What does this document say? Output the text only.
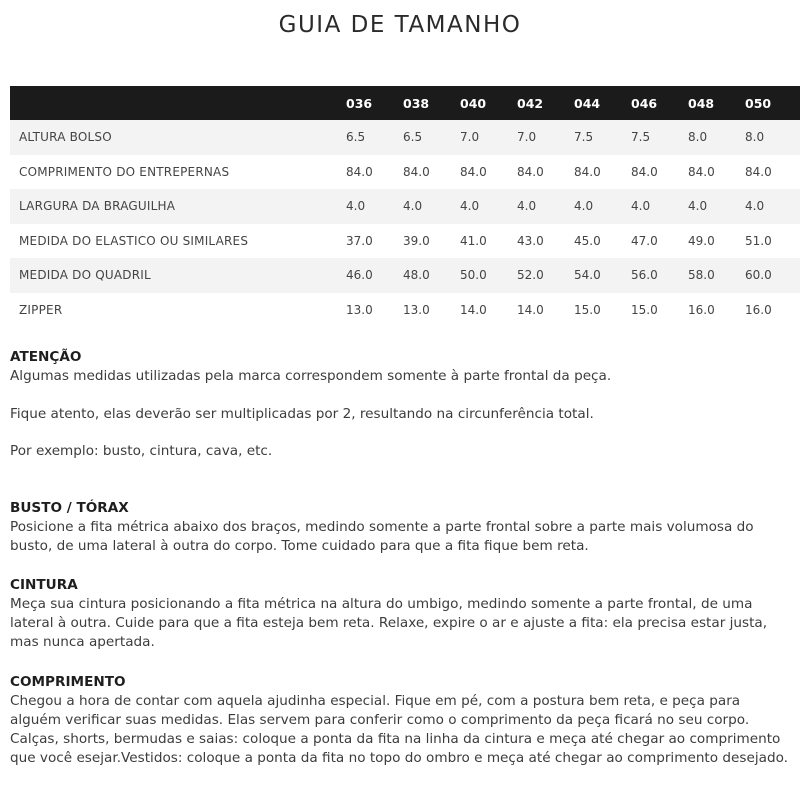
GUIA DE TAMANHO
	036	038	040	042	044	046	048	050
ALTURA BOLSO	6.5	6.5	7.0	7.0	7.5	7.5	8.0	8.0
COMPRIMENTO DO ENTREPERNAS	84.0	84.0	84.0	84.0	84.0	84.0	84.0	84.0
LARGURA DA BRAGUILHA	4.0	4.0	4.0	4.0	4.0	4.0	4.0	4.0
MEDIDA DO ELASTICO OU SIMILARES	37.0	39.0	41.0	43.0	45.0	47.0	49.0	51.0
MEDIDA DO QUADRIL	46.0	48.0	50.0	52.0	54.0	56.0	58.0	60.0
ZIPPER	13.0	13.0	14.0	14.0	15.0	15.0	16.0	16.0
ATENÇÃO

Algumas medidas utilizadas pela marca correspondem somente à parte frontal da peça.

Fique atento, elas deverão ser multiplicadas por 2, resultando na circunferência total.

Por exemplo: busto, cintura, cava, etc.

BUSTO / TÓRAX

Posicione a fita métrica abaixo dos braços, medindo somente a parte frontal sobre a parte mais volumosa do busto, de uma lateral à outra do corpo. Tome cuidado para que a fita fique bem reta.

CINTURA

Meça sua cintura posicionando a fita métrica na altura do umbigo, medindo somente a parte frontal, de uma lateral à outra. Cuide para que a fita esteja bem reta. Relaxe, expire o ar e ajuste a fita: ela precisa estar justa, mas nunca apertada.

COMPRIMENTO

Chegou a hora de contar com aquela ajudinha especial. Fique em pé, com a postura bem reta, e peça para alguém verificar suas medidas. Elas servem para conferir como o comprimento da peça ficará no seu corpo. Calças, shorts, bermudas e saias: coloque a ponta da fita na linha da cintura e meça até chegar ao comprimento que você esejar.Vestidos: coloque a ponta da fita no topo do ombro e meça até chegar ao comprimento desejado.
